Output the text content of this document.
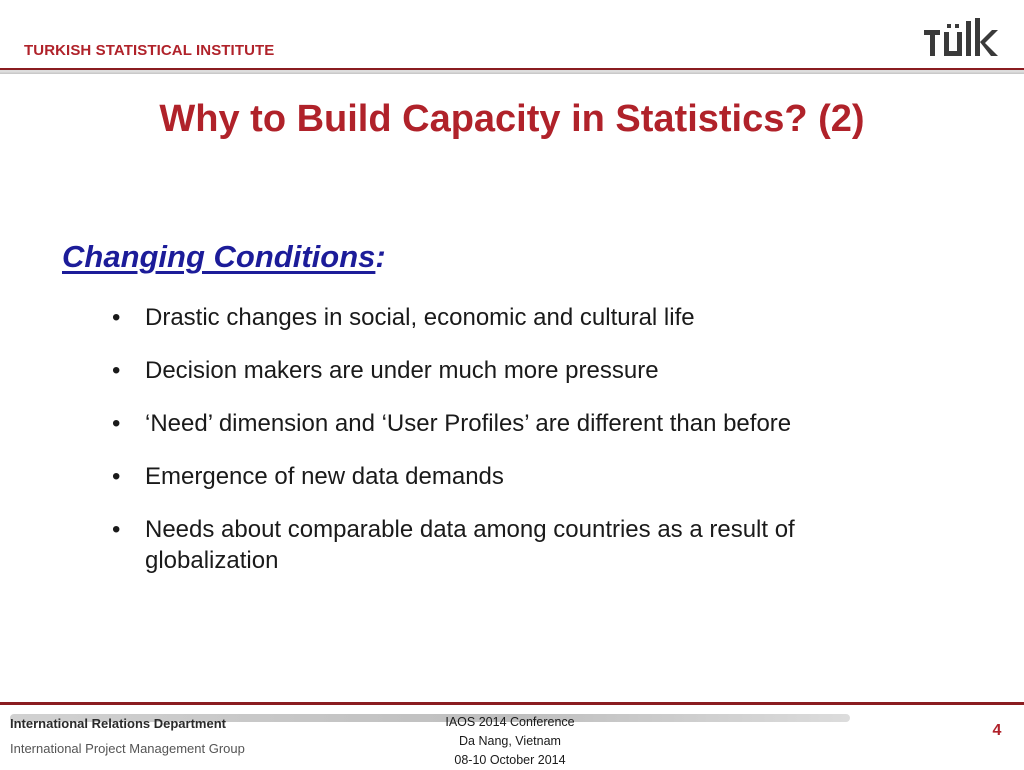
TURKISH STATISTICAL INSTITUTE
Why to Build Capacity in Statistics? (2)
Changing Conditions:
• Drastic changes in social, economic and cultural life
• Decision makers are under much more pressure
• ‘Need’ dimension and ‘User Profiles’ are different than before
• Emergence of new data demands
• Needs about comparable data among countries as a result of globalization
International Relations Department
International Project Management Group
IAOS 2014 Conference
Da Nang, Vietnam
08-10 October 2014
4
